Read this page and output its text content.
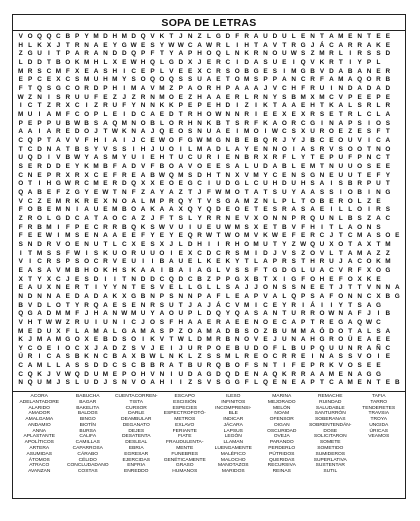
SOPA DE LETRAS
V O Q Q C B P Y M D H M D Q V K T J N Z L G D F R A U D U L E N T A M E N T E E
H L K X J T R N A E Y G W E S Y W W C A W R L	I H T A V T R G J Á C A R R A K E
Z G U I	T P A R A N D D Q P F T Y A P H O Q L N K R N O U W S Z M R L	I R S S D
L D D T B O K M H L X E W H Q L G D X J E R C I D A S U E I Q V K R T	I Y P L
M R S C M F X E A S H I C E P L V E E X C R S O B G E S I M G B V D A B A N E R
E P C E X C S M U H M Y S O Q O Q S S U A E T O M S P P A N C R F A M A Q O R B
F T Q S G C O R D P H I M A V M Z P A O R H P A A A J V C H F R U I N D A D A D
W Z N I S R U U F E Z J Z R N M O E Z H A A E R L R N Y S B M X M C V P E E P E
I C T Z R X C I	Z R U F Y N N K K P E P E H D I	Z	I K T A A E H T K A L S R L R
M U I A M F C O P L E I D C A E D T R H O W N N R I E E X E X R S E T R L C L A
P E P P U B W B S A Q M N O B L O R H N K B T S R F K A O R C G I N A P S I O S
A A I A R E D O J T W K N A J Q E O S N U A E I M O I W C S X U R O E Z E S F T
C Q P T A V V F H I A I	J C E W O F G W M G N B E B Q R J Y J B C E O U V I C A
T C D N A T B S Y V S S I H J U O I	L M A D L A Y E N N O I A S R V S O O T N O
U Q D I V B W Y A S M Y U I	E H T U C U R I E N B R X R F L Y T E P U F P N C T
S E R D D E Y K M B F A D V F B O A V O E E S A L U D A B L E M T N U U O S E E
C N E P R X R X C E F R E A B W Q M S D H T N X V M Y C E N S G N E U U T E F Y
O T	I H G W R C M E R D Q X X E O E G C I U D G L C U H D U H S A I S B R P U T
Q A B E F Z G Y E W T N F Z A Y A Z T J F W M O T A T S U Y A A S S I O B I N G
V C Z E M R K R E X N O A L M P R Q Y T V S G A M Z N L P L T O B E R O L Z E
F O B E M N I A U E M B O A K A A X Q Y Q D E O E T E S R A S A E I	L L O I R S
Z R O L G D C A T A O C A Z J F T S L Y R R N E V X O N N P R Q U N L B S Z A C
F R B M I	F P E C R R B Q K S W V U I U E U W M S X E T B V F H I	T L A O N S
F E E W I M S E N A A E E F Y E Y E Q R W T W O M V K W E F E R C J T C M A S O E
S N D R V O E N U T L C X E S X J L D H I	I R H O M U T Y Z W Q U X O T A X T M
I	T M S S F W I S K U O R U U O I E X C D C R S M I D J V S Z O V L T A M A Z Z
V I C R S P S O C R V E U I	I B A U E L K E K Y T L A P R S T H R U J A C O K M
E A S A V M B H O K H S K A A I B A I A G L V S S F T G D G L U A C V R F X O G
X T Y X C J E S D I	I	T N D D C Q D C B Z P P G X B T X I G F O H E F O X K E
E A U X N E R T	I Y Y N T E S V E L L G L L S A J J O N S S N E E T J T T V N N A
N D N N A E D A D A K X G B N P S N N P A F L E A P V A L Q P S A F O N N C X B G
B V D L O T Y R Q A E S E N R S U T J A J Á C V M I C E Y R I Á I	I Y T S A G
Q G A D M M F J H A N W M U Y A O U P L D Q Y Q A S A N T U R R O W N A F J	I B
V H T W W Z R U I U N I C J O S F H A A E R A E E N O E C A P T R E G A Q W C
M E D U X F L A M A L G A M A S P Z O A M A D B S O Z B U M M A Ó D O T A L S A
K J M A M G O X E B D S O I K V T W L D M R B N O V E J U N A H G R O Ü E A E E
Y C O E I O C X J A D Z S V J E I	J U R P O E B U D O F L B U P Q U U N R A Ñ C
Ú R I C A S B K N C B A X B W L N K L Z S S M L R E O C R R E I N A S S V O I E
C A M L L A S S D D C S C B B R A T B U R Q B O F S N T	I	F E P R K V O S E E
C Q K J V W Q D U M E P O H V N I U D A G D Q D E N A Q K R R A A M E N A G G
N Q U M J S L U D J S N V O A H I	I	Z S V S G G F L Q E N E A P T C A M E N T E B
ACORA
ADELANTADORE
ALARIDO
AMADOR
AMALGAMA
ANDAMIO
ANNA
APLASTANTE
APOLÍTICOS
ARTERA
ASUMIDAS
ÁTOMOS
ATRACO
AVANZAN
BABUCHA
BAGAR
BAKELITA
BALDOS
BINGO
BIOTÍN
BURSA
CALIFA
CAMILLAS
CAPARROSA
CÁRABO
CÉLIDO
CONCLUDADANO
COSTAS
CUENTACORREN-
TISTA
CURSOR
DARLE
DEAMBULAR
DEGANATO
DEJES
DESATENTA
DESLEAL
EBRIA
EGRESAR
EJERCIDAS
ENFRIA
ENREDDO
ESCAPO
ESCISIÓN
ESPECIES
ESPECTROFOTÓ-
METROS
EXLAVO
FERIANTE
FIATE
FRAUDULENTA-
MENTE
FUNEBRES
GENÉTICAMENTE
GRASO
HUMANOS
ILESO
INFINITOS
INCOMPRENSI-
BLE
INDICAR
JÁCARA
LAPSUS
LEGÓN
LLAMAN
LUENGAMENTE
MALÉFICO
MALOCHO
MANOTAZOS
MARIDOS
MARINA
MEJORADO
MELÓN
NOAM
OFENSOR
OIGAN
OSCURIDAD
OVEJA
PARANDO
PERDERLO
PÚTRIDOS
QUERIDAS
RECURSIVA
REINAS
REMACHE
RUINDAD
SALUDABLE
SANTURRÓN
SOBERANAS
SOBRENTENDÁN-
DOSE
SOLICITARON
SOMETE
SOMETIDO
SUMIDEROS
SUPERLATIVA
SUSTENTAR
SUTIL
TAFIA
TARRO
TENDERETES
TRAVSIA
TROYA
UNGIDA
ÚRICAS
VEAMOS
